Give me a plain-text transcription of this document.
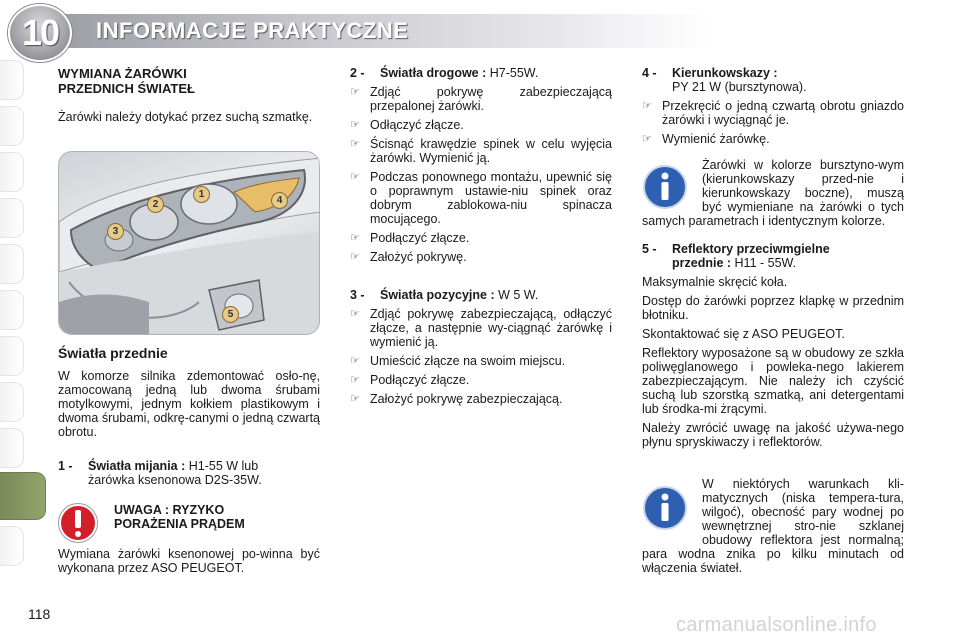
10 INFORMACJE PRAKTYCZNE
WYMIANA ŻARÓWKI
PRZEDNICH ŚWIATEŁ

Żarówki należy dotykać przez suchą szmatkę.

1
2
3
4
5
Światła przednie

W komorze silnika zdemontować osło-nę, zamocowaną jedną lub dwoma śrubami motylkowymi, jednym kołkiem plastikowym i dwoma śrubami, odkrę-canymi o jedną czwartą obrotu.

1 -	Światła mijania : H1-55 W lub
żarówka ksenonowa D2S-35W.
UWAGA : RYZYKO
PORAŻENIA PRĄDEM

Wymiana żarówki ksenonowej po-winna być wykonana przez ASO PEUGEOT.

2 -	Światła drogowe : H7-55W.
☞ Zdjąć pokrywę zabezpieczającą przepalonej żarówki.
☞ Odłączyć złącze.
☞ Ścisnąć krawędzie spinek w celu wyjęcia żarówki. Wymienić ją.
☞ Podczas ponownego montażu, upewnić się o poprawnym ustawie-niu spinek oraz dobrym zablokowa-niu spinacza mocującego.
☞ Podłączyć złącze.
☞ Założyć pokrywę.
3 -	Światła pozycyjne : W 5 W.
☞ Zdjąć pokrywę zabezpieczającą, odłączyć złącze, a następnie wy-ciągnąć żarówkę i wymienić ją.
☞ Umieścić złącze na swoim miejscu.
☞ Podłączyć złącze.
☞ Założyć pokrywę zabezpieczającą.
4 -	Kierunkowskazy :
PY 21 W (bursztynowa).
☞ Przekręcić o jedną czwartą obrotu gniazdo żarówki i wyciągnąć je.
☞ Wymienić żarówkę.
Żarówki w kolorze bursztyno-wym (kierunkowskazy przed-nie i kierunkowskazy boczne), muszą być wymieniane na żarówki o tych samych parametrach i identycznym kolorze.
5 -	Reflektory przeciwmgielne
przednie : H11 - 55W.

Maksymalnie skręcić koła.

Dostęp do żarówki poprzez klapkę w przednim błotniku.

Skontaktować się z ASO PEUGEOT.

Reflektory wyposażone są w obudowy ze szkła poliwęglanowego i powleka-nego lakierem zabezpieczającym. Nie należy ich czyścić suchą lub szorstką szmatką, ani detergentami lub środka-mi żrącymi.

Należy zwrócić uwagę na jakość używa-nego płynu spryskiwaczy i reflektorów.

W niektórych warunkach kli-matycznych (niska tempera-tura, wilgoć), obecność pary wodnej po wewnętrznej stro-nie szklanej obudowy reflektora jest normalną; para wodna znika po kilku minutach od włączenia świateł.
118	carmanualsonline.info
